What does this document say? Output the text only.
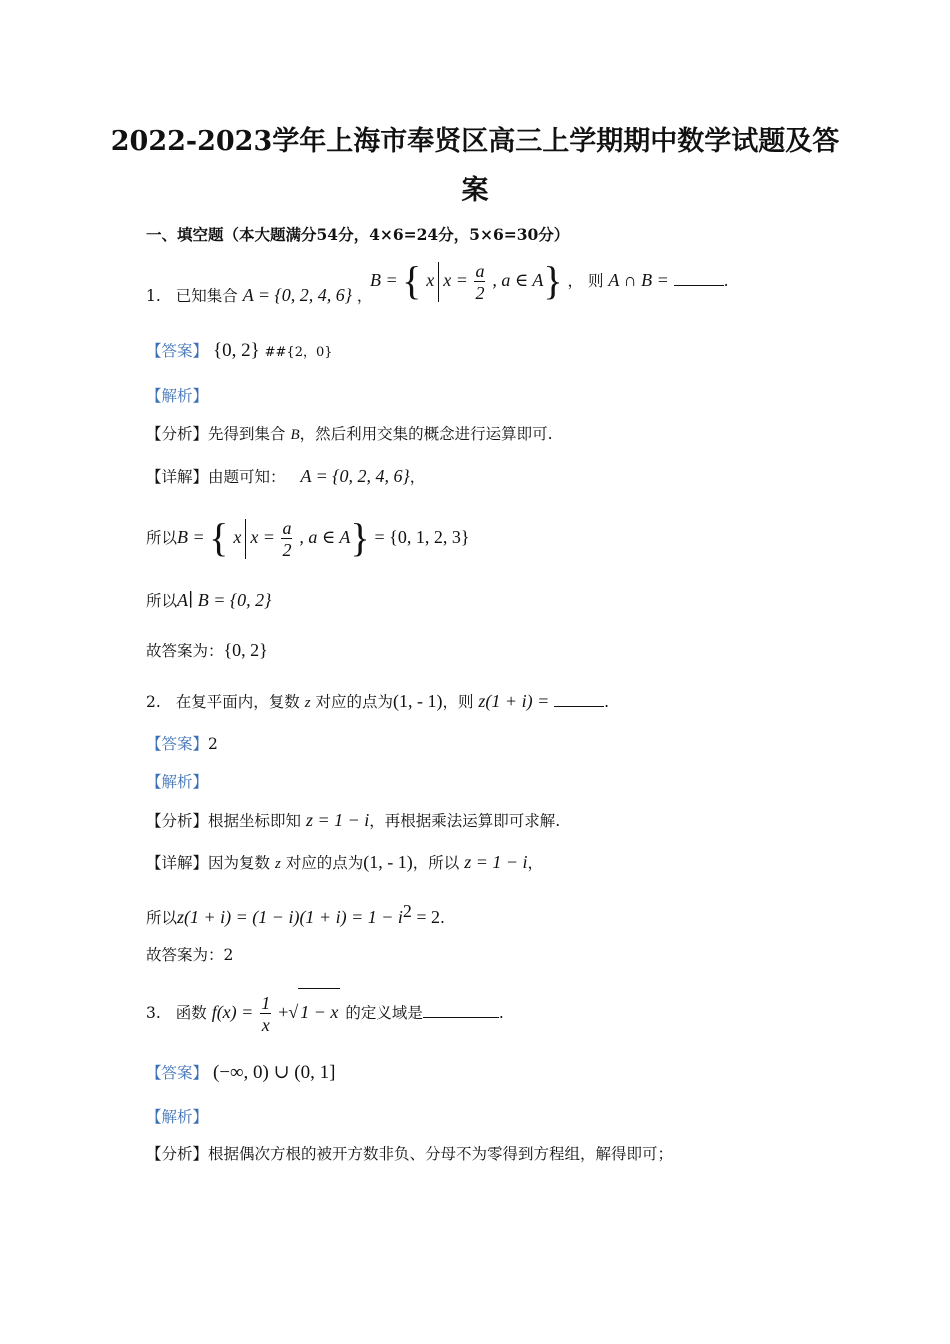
2022-2023学年上海市奉贤区高三上学期期中数学试题及答
案
一、填空题（本大题满分54分，4×6=24分，5×6=30分）
1. 已知集合 A = {0, 2, 4, 6} ，
B = { x $x = \frac{a}{2}$ , a ∈ A} ， 则 A ∩ B =	.
【答案】 {0, 2} ##{2，0}
【解析】
【分析】先得到集合 B，然后利用交集的概念进行运算即可.
【详解】由题可知： A = {0, 2, 4, 6}，
所以B = { x $x = \frac{a}{2}$ , a ∈ A} = {0, 1, 2, 3}
所以A∣ B = {0, 2}
故答案为：{0, 2}
2. 在复平面内，复数 z 对应的点为(1, - 1)，则 z(1 + i) =	.
【答案】2
【解析】
【分析】根据坐标即知 z = 1 − i，再根据乘法运算即可求解.
【详解】因为复数 z 对应的点为(1, - 1)，所以 z = 1 − i，
所以$z(1 + i) = (1 - i)(1 + i) = 1 - i^2 = 2$.
故答案为：2
3. 函数 $f(x) = \frac{1}{x}$ +√ 1 − x 的定义域是	.
【答案】 (−∞, 0) ∪ (0, 1]
【解析】
【分析】根据偶次方根的被开方数非负、分母不为零得到方程组，解得即可；
